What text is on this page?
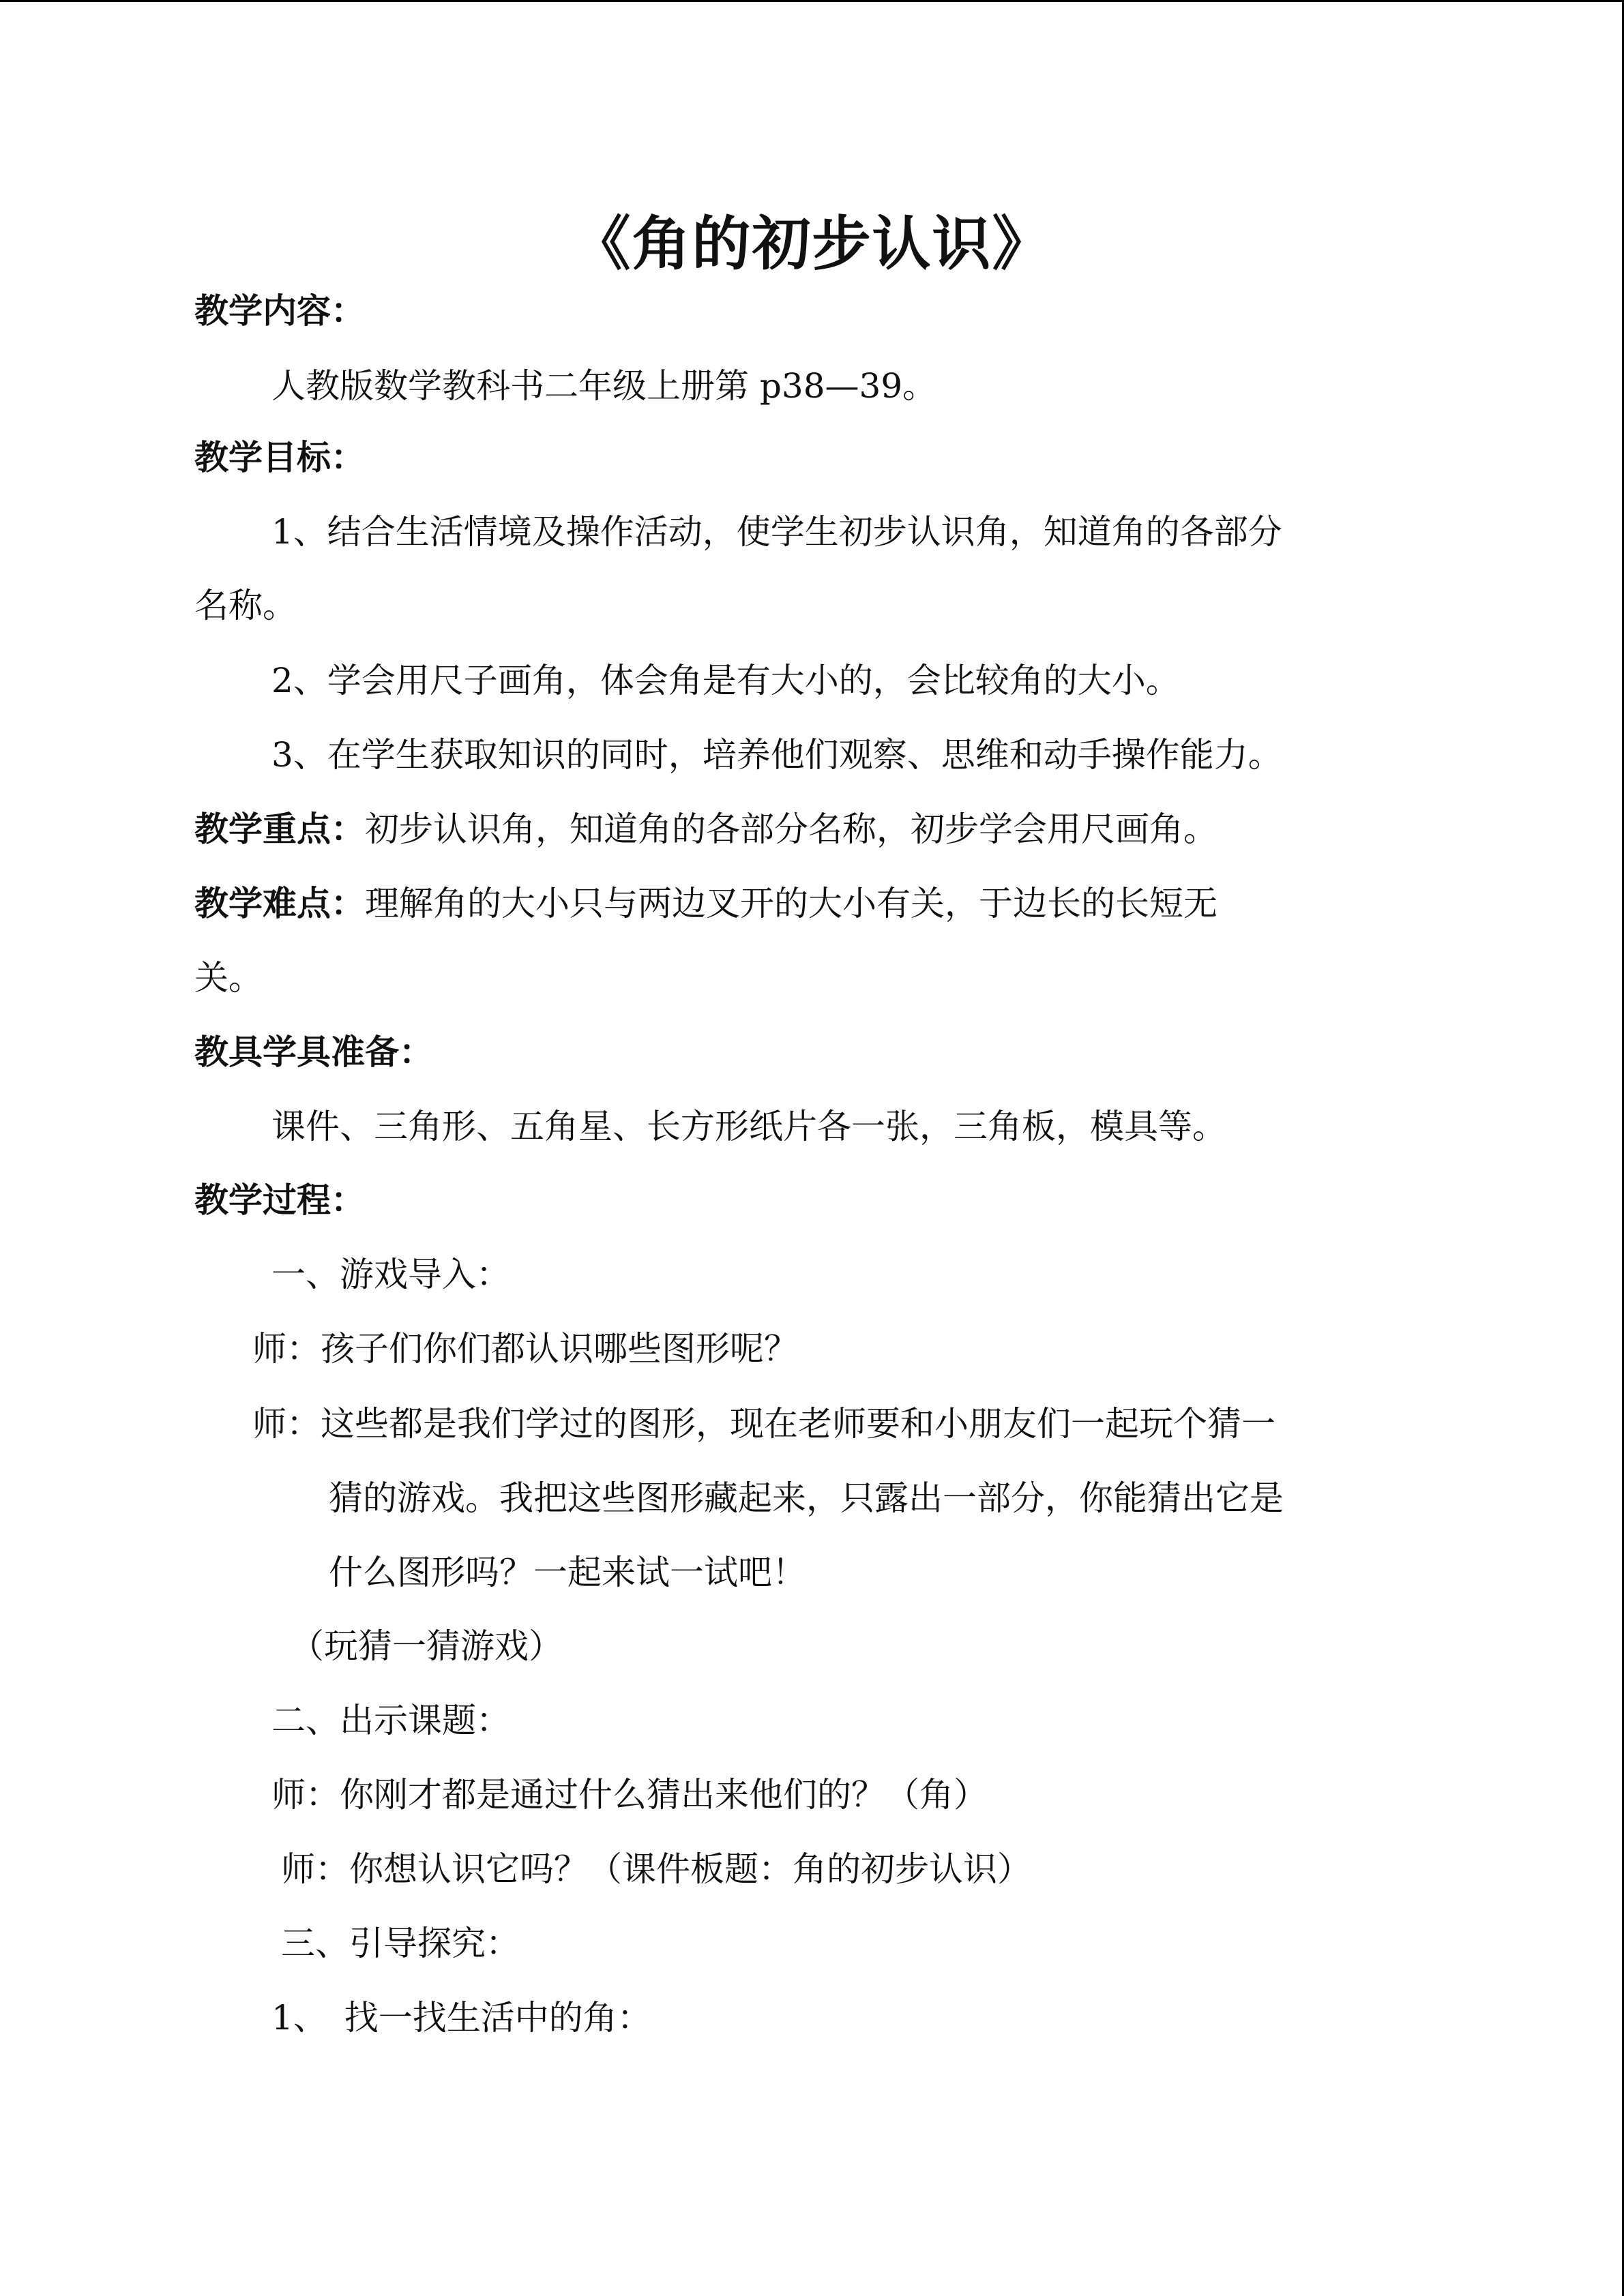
《角的初步认识》
教学内容：
人教版数学教科书二年级上册第 p38—39。
教学目标：
1、结合生活情境及操作活动，使学生初步认识角，知道角的各部分
名称。
2、学会用尺子画角，体会角是有大小的，会比较角的大小。
3、在学生获取知识的同时，培养他们观察、思维和动手操作能力。
教学重点：初步认识角，知道角的各部分名称，初步学会用尺画角。
教学难点：理解角的大小只与两边叉开的大小有关，于边长的长短无
关。
教具学具准备：
课件、三角形、五角星、长方形纸片各一张，三角板，模具等。
教学过程：
一、游戏导入：
师：孩子们你们都认识哪些图形呢？
师：这些都是我们学过的图形，现在老师要和小朋友们一起玩个猜一
猜的游戏。我把这些图形藏起来，只露出一部分，你能猜出它是
什么图形吗？一起来试一试吧！
（玩猜一猜游戏）
二、出示课题：
师：你刚才都是通过什么猜出来他们的？（角）
师：你想认识它吗？（课件板题：角的初步认识）
三、引导探究：
1、　找一找生活中的角：
